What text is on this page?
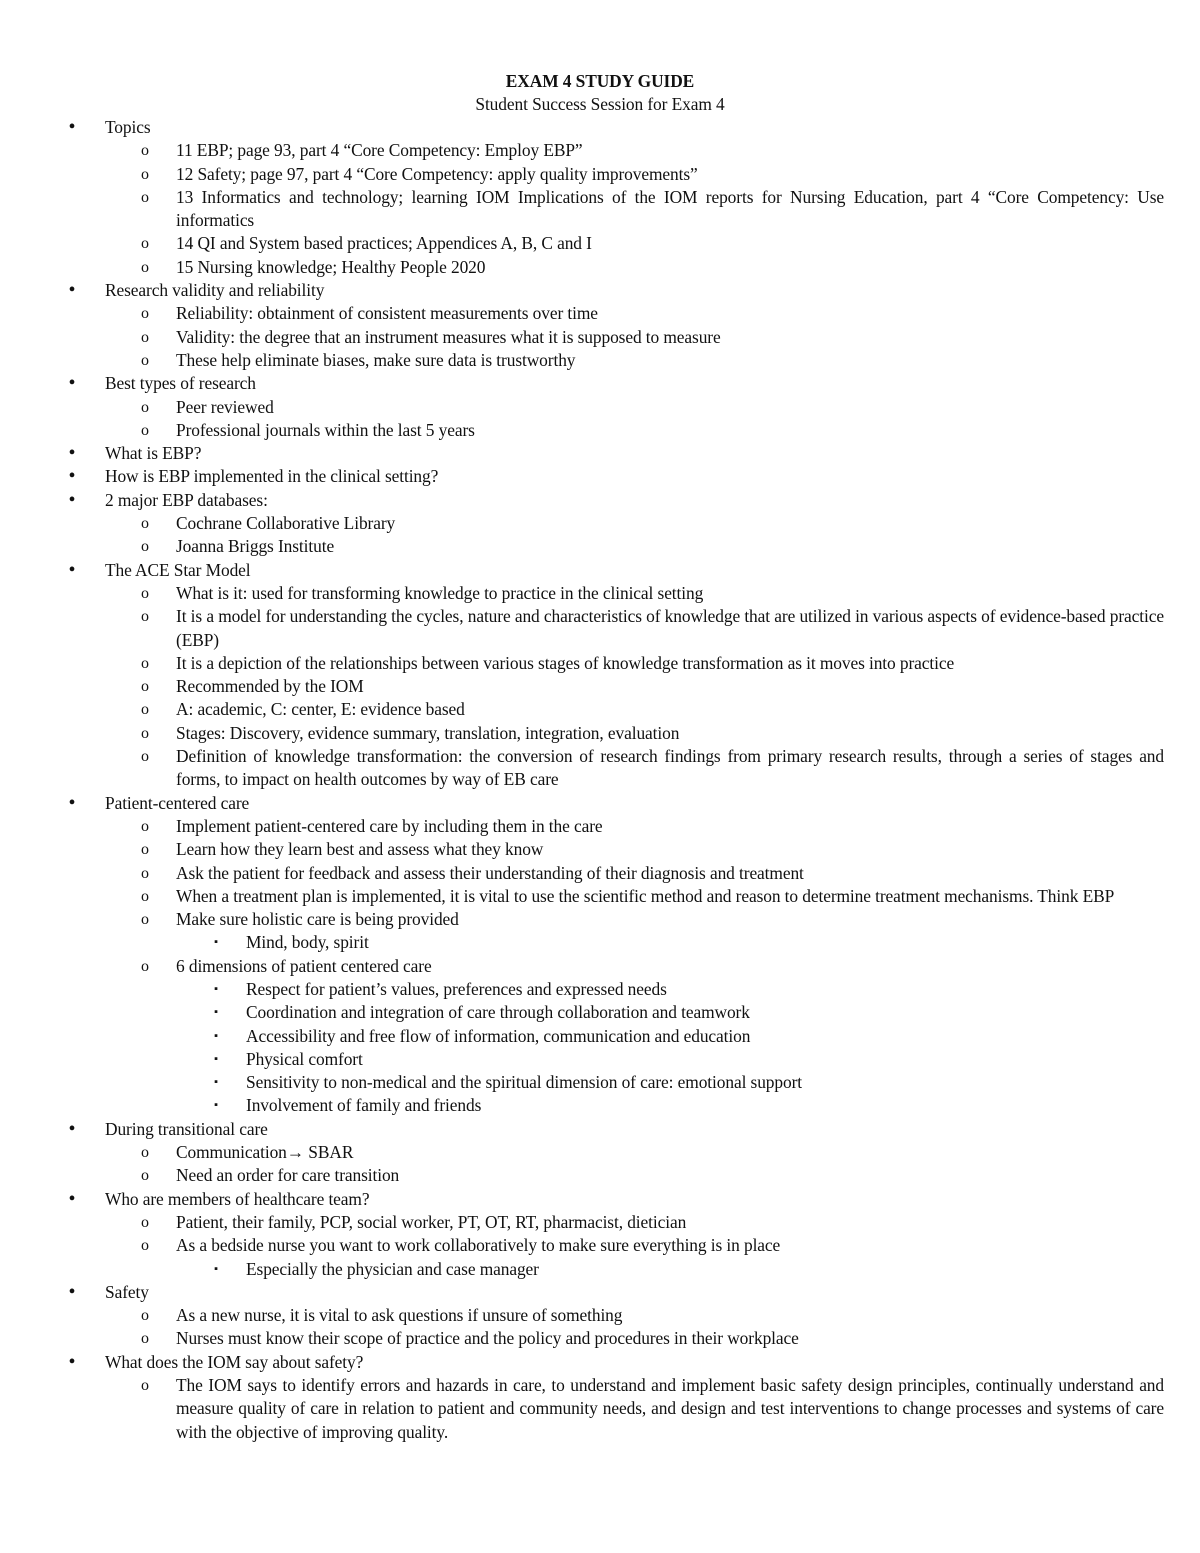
EXAM 4 STUDY GUIDE
Student Success Session for Exam 4
•	Topics
o	11 EBP; page 93, part 4 “Core Competency: Employ EBP”
o	12 Safety; page 97, part 4 “Core Competency: apply quality improvements”
o	13 Informatics and technology; learning IOM Implications of the IOM reports for Nursing Education, part 4 “Core Competency: Use informatics
o	14 QI and System based practices; Appendices A, B, C and I
o	15 Nursing knowledge; Healthy People 2020
•	Research validity and reliability
o	Reliability: obtainment of consistent measurements over time
o	Validity: the degree that an instrument measures what it is supposed to measure
o	These help eliminate biases, make sure data is trustworthy
•	Best types of research
o	Peer reviewed
o	Professional journals within the last 5 years
•	What is EBP?
•	How is EBP implemented in the clinical setting?
•	2 major EBP databases:
o	Cochrane Collaborative Library
o	Joanna Briggs Institute
•	The ACE Star Model
o	What is it: used for transforming knowledge to practice in the clinical setting
o	It is a model for understanding the cycles, nature and characteristics of knowledge that are utilized in various aspects of evidence-based practice (EBP)
o	It is a depiction of the relationships between various stages of knowledge transformation as it moves into practice
o	Recommended by the IOM
o	A: academic, C: center, E: evidence based
o	Stages: Discovery, evidence summary, translation, integration, evaluation
o	Definition of knowledge transformation: the conversion of research findings from primary research results, through a series of stages and forms, to impact on health outcomes by way of EB care
•	Patient-centered care
o	Implement patient-centered care by including them in the care
o	Learn how they learn best and assess what they know
o	Ask the patient for feedback and assess their understanding of their diagnosis and treatment
o	When a treatment plan is implemented, it is vital to use the scientific method and reason to determine treatment mechanisms. Think EBP
o	Make sure holistic care is being provided
▪	Mind, body, spirit
o	6 dimensions of patient centered care
▪	Respect for patient’s values, preferences and expressed needs
▪	Coordination and integration of care through collaboration and teamwork
▪	Accessibility and free flow of information, communication and education
▪	Physical comfort
▪	Sensitivity to non-medical and the spiritual dimension of care: emotional support
▪	Involvement of family and friends
•	During transitional care
o	Communication→ SBAR
o	Need an order for care transition
•	Who are members of healthcare team?
o	Patient, their family, PCP, social worker, PT, OT, RT, pharmacist, dietician
o	As a bedside nurse you want to work collaboratively to make sure everything is in place
▪	Especially the physician and case manager
•	Safety
o	As a new nurse, it is vital to ask questions if unsure of something
o	Nurses must know their scope of practice and the policy and procedures in their workplace
•	What does the IOM say about safety?
o	The IOM says to identify errors and hazards in care, to understand and implement basic safety design principles, continually understand and measure quality of care in relation to patient and community needs, and design and test interventions to change processes and systems of care with the objective of improving quality.
